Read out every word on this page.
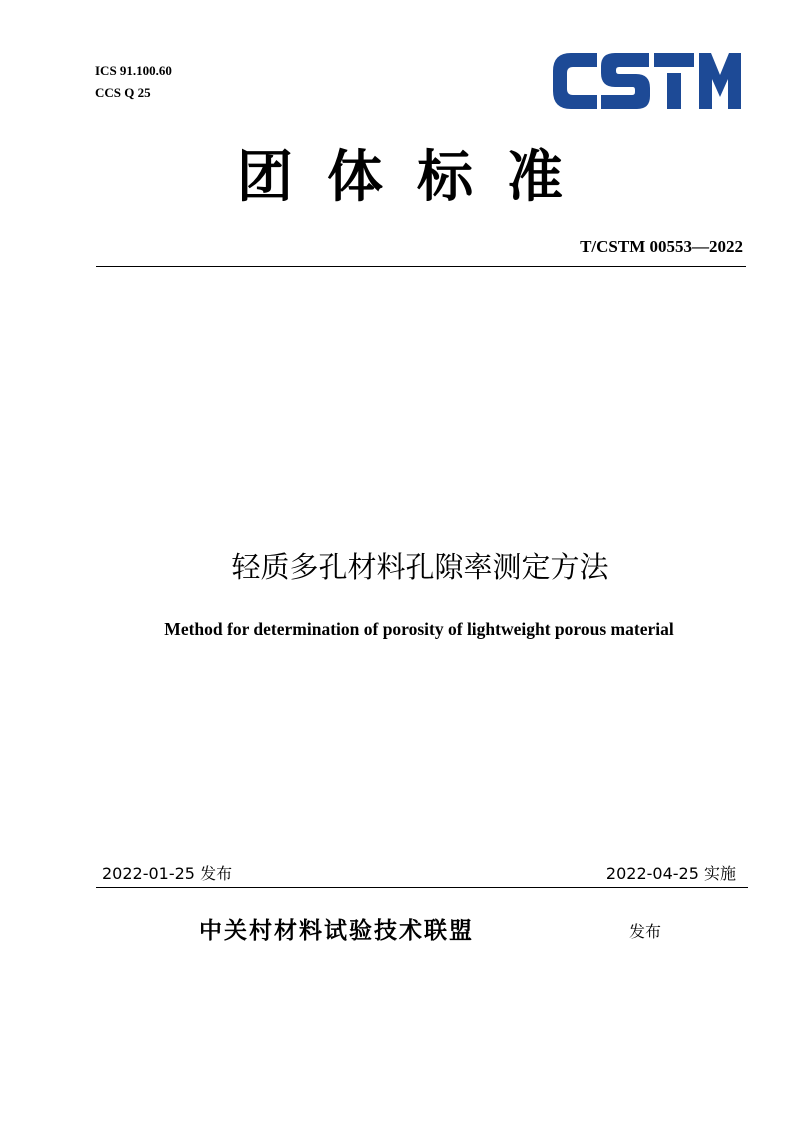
ICS 91.100.60
CCS Q 25
团体标准
T/CSTM 00553—2022
轻质多孔材料孔隙率测定方法
Method for determination of porosity of lightweight porous material
2022-01-25 发布	2022-04-25 实施
中关村材料试验技术联盟	发布
